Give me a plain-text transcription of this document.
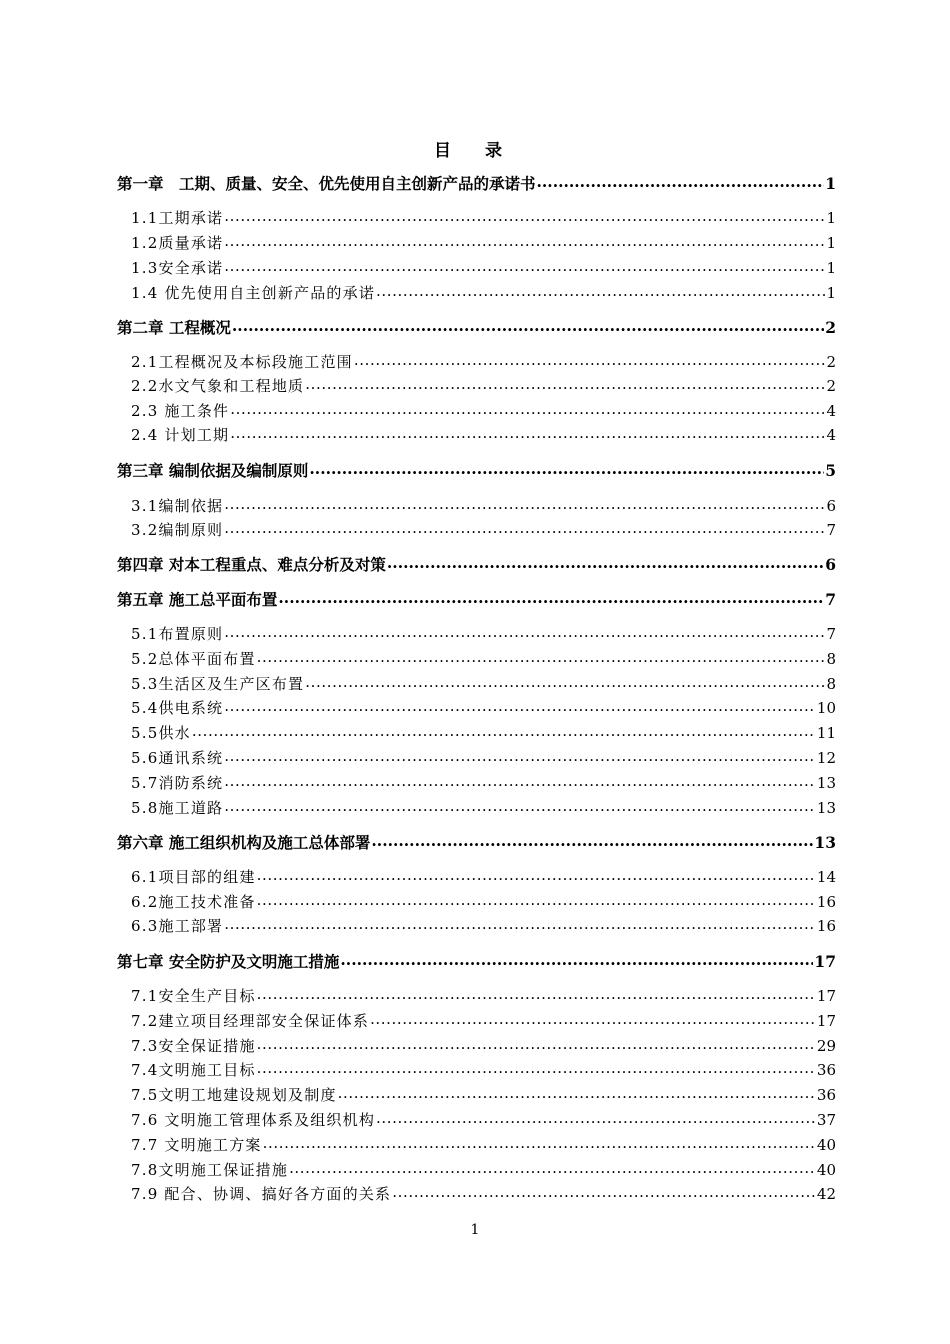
目 录
第一章　工期、质量、安全、优先使用自主创新产品的承诺书 .....	1
1.1工期承诺 .....	1
1.2质量承诺 .....	1
1.3安全承诺 .....	1
1.4 优先使用自主创新产品的承诺 .....	1
第二章 工程概况 .....	2
2.1工程概况及本标段施工范围 .....	2
2.2水文气象和工程地质 .....	2
2.3 施工条件 .....	4
2.4 计划工期 .....	4
第三章 编制依据及编制原则 .....	5
3.1编制依据 .....	6
3.2编制原则 .....	7
第四章 对本工程重点、难点分析及对策 .....	6
第五章 施工总平面布置 .....	7
5.1布置原则 .....	7
5.2总体平面布置 .....	8
5.3生活区及生产区布置 .....	8
5.4供电系统 .....	10
5.5供水 .....	11
5.6通讯系统 .....	12
5.7消防系统 .....	13
5.8施工道路 .....	13
第六章 施工组织机构及施工总体部署 .....	13
6.1项目部的组建 .....	14
6.2施工技术准备 .....	16
6.3施工部署 .....	16
第七章 安全防护及文明施工措施 .....	17
7.1安全生产目标 .....	17
7.2建立项目经理部安全保证体系 .....	17
7.3安全保证措施 .....	29
7.4文明施工目标 .....	36
7.5文明工地建设规划及制度 .....	36
7.6 文明施工管理体系及组织机构 .....	37
7.7 文明施工方案 .....	40
7.8文明施工保证措施 .....	40
7.9 配合、协调、搞好各方面的关系 .....	42
1
